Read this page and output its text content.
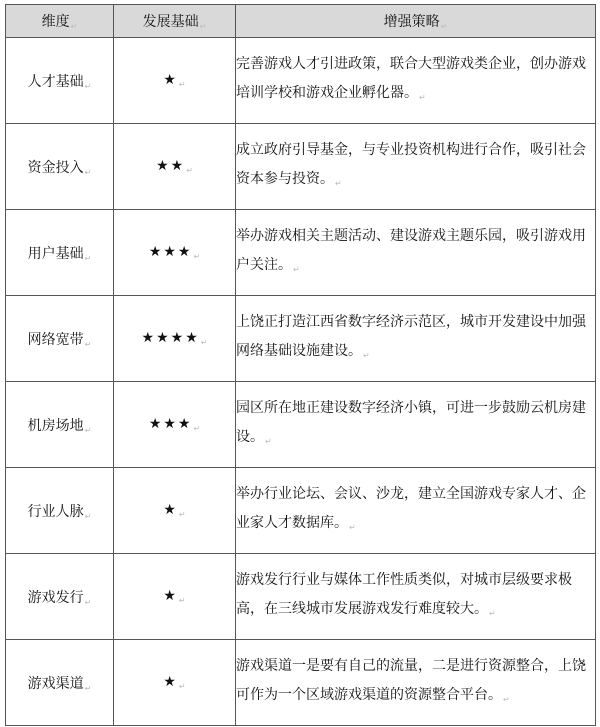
维度$_↵$	发展基础$_↵$	增强策略$_↵$
人才基础$_↵$	$★_↵$	完善游戏人才引进政策，联合大型游戏类企业，创办游戏培训学校和游戏企业孵化器。$_↵$
资金投入$_↵$	$★★_↵$	成立政府引导基金，与专业投资机构进行合作，吸引社会资本参与投资。$_↵$
用户基础$_↵$	$★★★_↵$	举办游戏相关主题活动、建设游戏主题乐园，吸引游戏用户关注。$_↵$
网络宽带$_↵$	$★★★★_↵$	上饶正打造江西省数字经济示范区，城市开发建设中加强网络基础设施建设。$_↵$
机房场地$_↵$	$★★★_↵$	园区所在地正建设数字经济小镇，可进一步鼓励云机房建设。$_↵$
行业人脉$_↵$	$★_↵$	举办行业论坛、会议、沙龙，建立全国游戏专家人才、企业家人才数据库。$_↵$
游戏发行$_↵$	$★_↵$	游戏发行行业与媒体工作性质类似，对城市层级要求极高，在三线城市发展游戏发行难度较大。$_↵$
游戏渠道$_↵$	$★_↵$	游戏渠道一是要有自己的流量，二是进行资源整合，上饶可作为一个区域游戏渠道的资源整合平台。$_↵$
